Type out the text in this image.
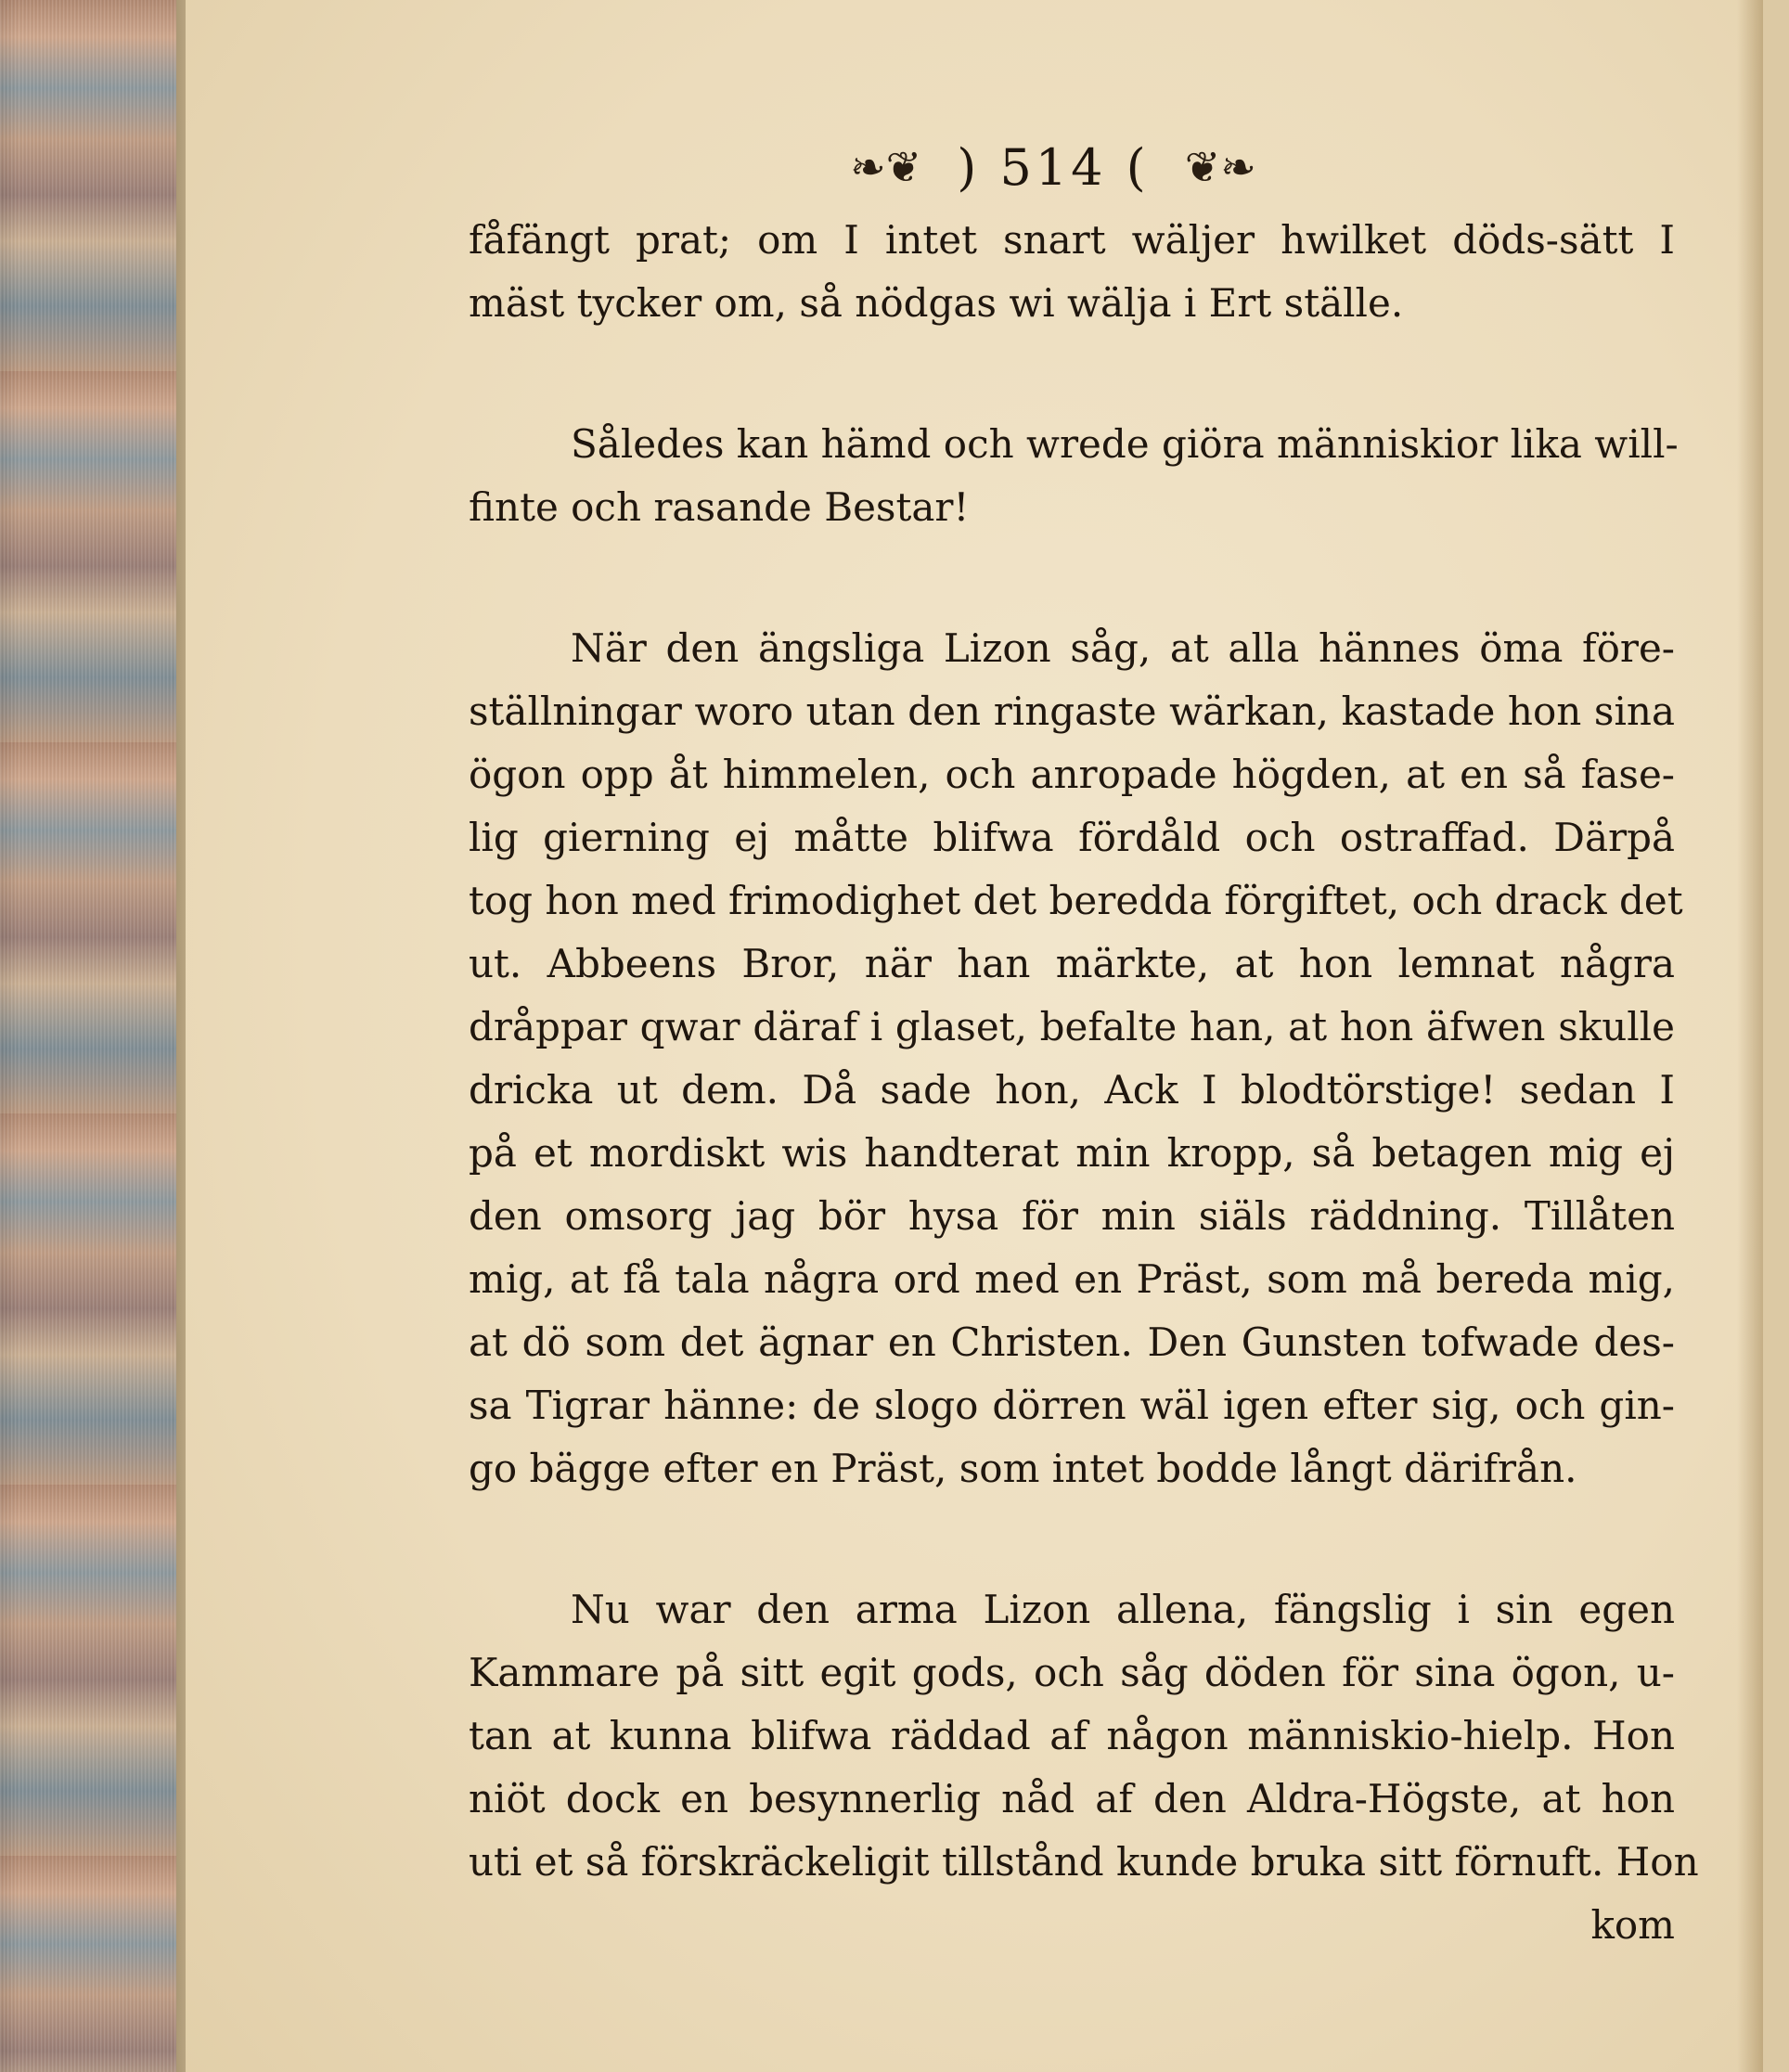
❧❦ ) 514 ( ❦❧
fåfängt prat; om I intet snart wäljer hwilket döds-sätt I
mäst tycker om, så nödgas wi wälja i Ert ställe.
Således kan hämd och wrede giöra människior lika will-
finte och rasande Bestar!
När den ängsliga Lizon såg, at alla hännes öma före-
ställningar woro utan den ringaste wärkan, kastade hon sina
ögon opp åt himmelen, och anropade högden, at en så fase-
lig gierning ej måtte blifwa fördåld och ostraffad. Därpå
tog hon med frimodighet det beredda förgiftet, och drack det
ut. Abbeens Bror, när han märkte, at hon lemnat några
dråppar qwar däraf i glaset, befalte han, at hon äfwen skulle
dricka ut dem. Då sade hon, Ack I blodtörstige! sedan I
på et mordiskt wis handterat min kropp, så betagen mig ej
den omsorg jag bör hysa för min siäls räddning. Tillåten
mig, at få tala några ord med en Präst, som må bereda mig,
at dö som det ägnar en Christen. Den Gunsten tofwade des-
sa Tigrar hänne: de slogo dörren wäl igen efter sig, och gin-
go bägge efter en Präst, som intet bodde långt därifrån.
Nu war den arma Lizon allena, fängslig i sin egen
Kammare på sitt egit gods, och såg döden för sina ögon, u-
tan at kunna blifwa räddad af någon människio-hielp. Hon
niöt dock en besynnerlig nåd af den Aldra-Högste, at hon
uti et så förskräckeligit tillstånd kunde bruka sitt förnuft. Hon
kom
